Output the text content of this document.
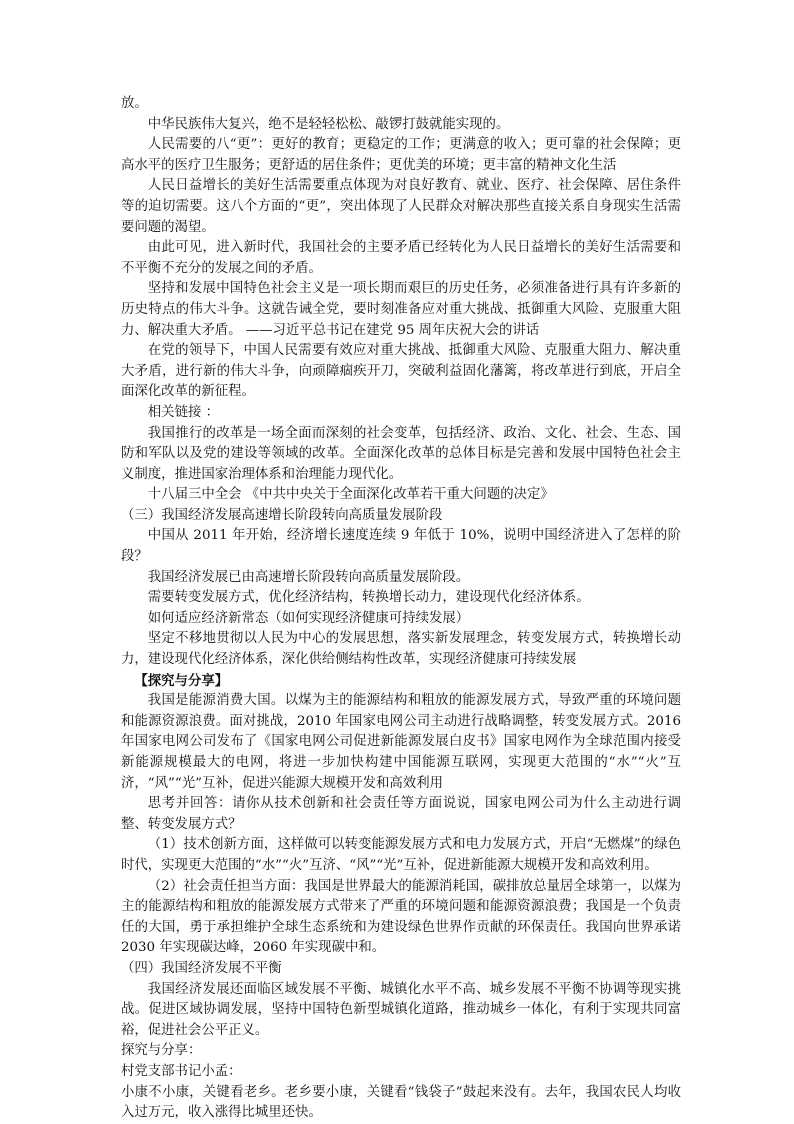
放。

中华民族伟大复兴，绝不是轻轻松松、敲锣打鼓就能实现的。

人民需要的八“更”：更好的教育；更稳定的工作；更满意的收入；更可靠的社会保障；更高水平的医疗卫生服务；更舒适的居住条件；更优美的环境；更丰富的精神文化生活

人民日益增长的美好生活需要重点体现为对良好教育、就业、医疗、社会保障、居住条件等的迫切需要。这八个方面的“更”，突出体现了人民群众对解决那些直接关系自身现实生活需要问题的渴望。

由此可见，进入新时代，我国社会的主要矛盾已经转化为人民日益增长的美好生活需要和不平衡不充分的发展之间的矛盾。

坚持和发展中国特色社会主义是一项长期而艰巨的历史任务，必须准备进行具有许多新的历史特点的伟大斗争。这就告诫全党，要时刻准备应对重大挑战、抵御重大风险、克服重大阻力、解决重大矛盾。 ——习近平总书记在建党 95 周年庆祝大会的讲话

在党的领导下，中国人民需要有效应对重大挑战、抵御重大风险、克服重大阻力、解决重大矛盾，进行新的伟大斗争，向顽障痼疾开刀，突破利益固化藩篱，将改革进行到底，开启全面深化改革的新征程。

相关链接 ：

我国推行的改革是一场全面而深刻的社会变革，包括经济、政治、文化、社会、生态、国防和军队以及党的建设等领域的改革。全面深化改革的总体目标是完善和发展中国特色社会主义制度，推进国家治理体系和治理能力现代化。

十八届三中全会 《中共中央关于全面深化改革若干重大问题的决定》

（三）我国经济发展高速增长阶段转向高质量发展阶段

中国从 2011 年开始，经济增长速度连续 9 年低于 10%，说明中国经济进入了怎样的阶段？

我国经济发展已由高速增长阶段转向高质量发展阶段。

需要转变发展方式，优化经济结构，转换增长动力，建设现代化经济体系。

如何适应经济新常态（如何实现经济健康可持续发展）

坚定不移地贯彻以人民为中心的发展思想，落实新发展理念，转变发展方式，转换增长动力，建设现代化经济体系，深化供给侧结构性改革，实现经济健康可持续发展

【探究与分享】

我国是能源消费大国。以煤为主的能源结构和粗放的能源发展方式，导致严重的环境问题和能源资源浪费。面对挑战，2010 年国家电网公司主动进行战略调整，转变发展方式。2016 年国家电网公司发布了《国家电网公司促进新能源发展白皮书》国家电网作为全球范围内接受新能源规模最大的电网，将进一步加快构建中国能源互联网，实现更大范围的“水”“火”互济，“风”“光”互补，促进兴能源大规模开发和高效利用

思考并回答：请你从技术创新和社会责任等方面说说，国家电网公司为什么主动进行调整、转变发展方式？

（1）技术创新方面，这样做可以转变能源发展方式和电力发展方式，开启“无燃煤”的绿色时代，实现更大范围的“水”“火”互济、“风”“光”互补，促进新能源大规模开发和高效利用。

（2）社会责任担当方面：我国是世界最大的能源消耗国，碳排放总量居全球第一，以煤为主的能源结构和粗放的能源发展方式带来了严重的环境问题和能源资源浪费；我国是一个负责任的大国，勇于承担维护全球生态系统和为建设绿色世界作贡献的环保责任。我国向世界承诺 2030 年实现碳达峰，2060 年实现碳中和。

（四）我国经济发展不平衡

我国经济发展还面临区域发展不平衡、城镇化水平不高、城乡发展不平衡不协调等现实挑战。促进区域协调发展，坚持中国特色新型城镇化道路，推动城乡一体化，有利于实现共同富裕，促进社会公平正义。

探究与分享：

村党支部书记小孟：

小康不小康，关键看老乡。老乡要小康，关键看“钱袋子”鼓起来没有。去年，我国农民人均收入过万元，收入涨得比城里还快。
